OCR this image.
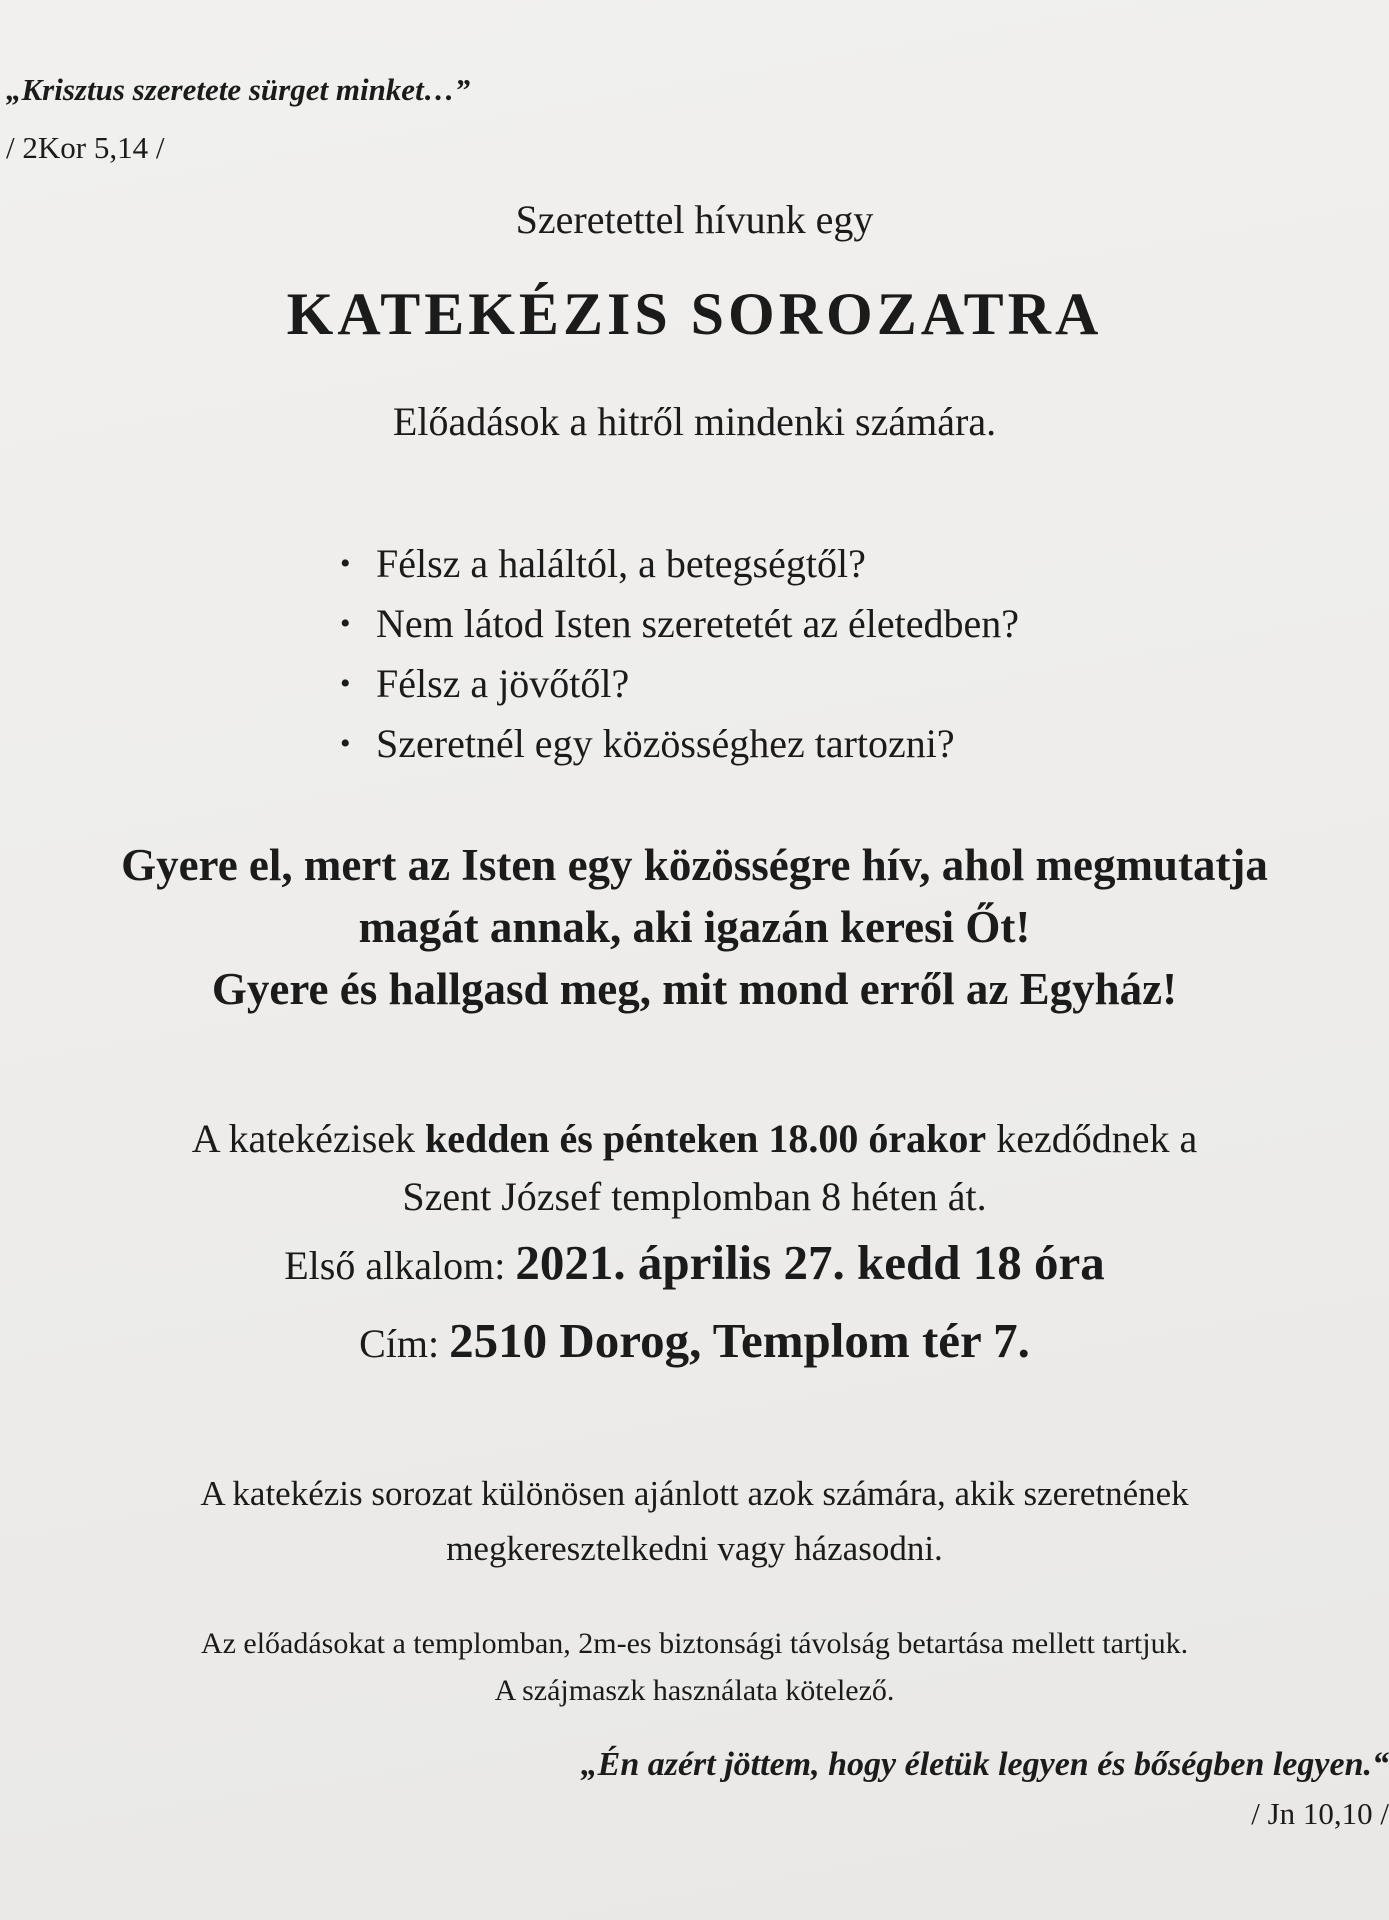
„Krisztus szeretete sürget minket…”
/ 2Kor 5,14 /
Szeretettel hívunk egy
KATEKÉZIS SOROZATRA
Előadások a hitről mindenki számára.
• Félsz a haláltól, a betegségtől?
• Nem látod Isten szeretetét az életedben?
• Félsz a jövőtől?
• Szeretnél egy közösséghez tartozni?
Gyere el, mert az Isten egy közösségre hív, ahol megmutatja
magát annak, aki igazán keresi Őt!
Gyere és hallgasd meg, mit mond erről az Egyház!
A katekézisek kedden és pénteken 18.00 órakor kezdődnek a
Szent József templomban 8 héten át.
Első alkalom: 2021. április 27. kedd 18 óra
Cím: 2510 Dorog, Templom tér 7.
A katekézis sorozat különösen ajánlott azok számára, akik szeretnének
megkeresztelkedni vagy házasodni.
Az előadásokat a templomban, 2m-es biztonsági távolság betartása mellett tartjuk.
A szájmaszk használata kötelező.
„Én azért jöttem, hogy életük legyen és bőségben legyen.“
/ Jn 10,10 /
